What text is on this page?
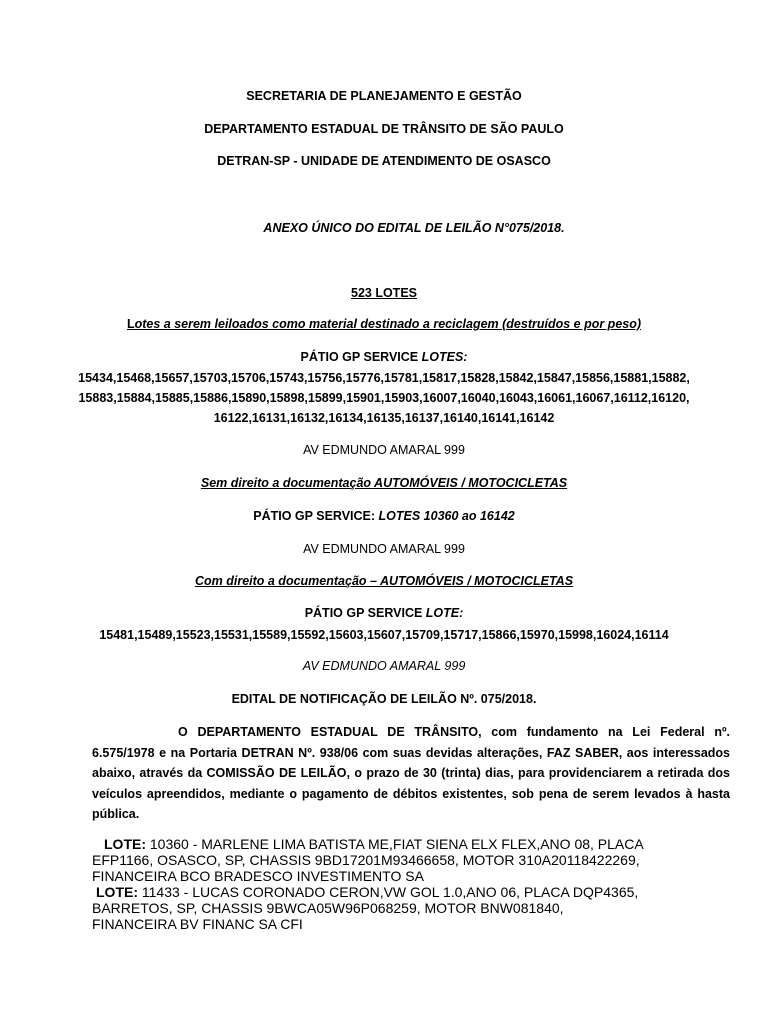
SECRETARIA DE PLANEJAMENTO E GESTÃO
DEPARTAMENTO ESTADUAL DE TRÂNSITO DE SÃO PAULO
DETRAN-SP - UNIDADE DE ATENDIMENTO DE OSASCO
ANEXO ÚNICO DO EDITAL DE LEILÃO N°075/2018.
523 LOTES
Lotes a serem leiloados como material destinado a reciclagem (destruídos e por peso)
PÁTIO GP SERVICE LOTES:
15434,15468,15657,15703,15706,15743,15756,15776,15781,15817,15828,15842,15847,15856,15881,15882,
15883,15884,15885,15886,15890,15898,15899,15901,15903,16007,16040,16043,16061,16067,16112,16120,
16122,16131,16132,16134,16135,16137,16140,16141,16142
AV EDMUNDO AMARAL 999
Sem direito a documentação AUTOMÓVEIS / MOTOCICLETAS
PÁTIO GP SERVICE: LOTES 10360 ao 16142
AV EDMUNDO AMARAL 999
Com direito a documentação – AUTOMÓVEIS / MOTOCICLETAS
PÁTIO GP SERVICE LOTE:
15481,15489,15523,15531,15589,15592,15603,15607,15709,15717,15866,15970,15998,16024,16114
AV EDMUNDO AMARAL 999
EDITAL DE NOTIFICAÇÃO DE LEILÃO Nº. 075/2018.
O DEPARTAMENTO ESTADUAL DE TRÂNSITO, com fundamento na Lei Federal nº. 6.575/1978 e na Portaria DETRAN Nº. 938/06 com suas devidas alterações, FAZ SABER, aos interessados abaixo, através da COMISSÃO DE LEILÃO, o prazo de 30 (trinta) dias, para providenciarem a retirada dos veículos apreendidos, mediante o pagamento de débitos existentes, sob pena de serem levados à hasta pública.
LOTE: 10360 - MARLENE LIMA BATISTA ME,FIAT SIENA ELX FLEX,ANO 08, PLACA
EFP1166, OSASCO, SP, CHASSIS 9BD17201M93466658, MOTOR 310A20118422269,
FINANCEIRA BCO BRADESCO INVESTIMENTO SA
LOTE: 11433 - LUCAS CORONADO CERON,VW GOL 1.0,ANO 06, PLACA DQP4365,
BARRETOS, SP, CHASSIS 9BWCA05W96P068259, MOTOR BNW081840,
FINANCEIRA BV FINANC SA CFI
